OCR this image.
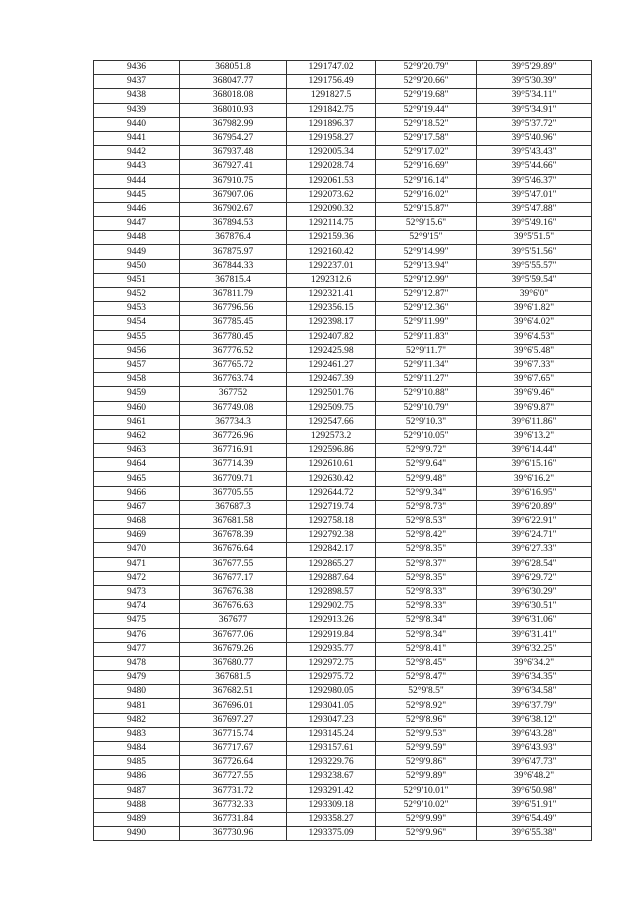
9436	368051.8	1291747.02	52°9'20.79"	39°5'29.89"
9437	368047.77	1291756.49	52°9'20.66"	39°5'30.39"
9438	368018.08	1291827.5	52°9'19.68"	39°5'34.11"
9439	368010.93	1291842.75	52°9'19.44"	39°5'34.91"
9440	367982.99	1291896.37	52°9'18.52"	39°5'37.72"
9441	367954.27	1291958.27	52°9'17.58"	39°5'40.96"
9442	367937.48	1292005.34	52°9'17.02"	39°5'43.43"
9443	367927.41	1292028.74	52°9'16.69"	39°5'44.66"
9444	367910.75	1292061.53	52°9'16.14"	39°5'46.37"
9445	367907.06	1292073.62	52°9'16.02"	39°5'47.01"
9446	367902.67	1292090.32	52°9'15.87"	39°5'47.88"
9447	367894.53	1292114.75	52°9'15.6"	39°5'49.16"
9448	367876.4	1292159.36	52°9'15"	39°5'51.5"
9449	367875.97	1292160.42	52°9'14.99"	39°5'51.56"
9450	367844.33	1292237.01	52°9'13.94"	39°5'55.57"
9451	367815.4	1292312.6	52°9'12.99"	39°5'59.54"
9452	367811.79	1292321.41	52°9'12.87"	39°6'0"
9453	367796.56	1292356.15	52°9'12.36"	39°6'1.82"
9454	367785.45	1292398.17	52°9'11.99"	39°6'4.02"
9455	367780.45	1292407.82	52°9'11.83"	39°6'4.53"
9456	367776.52	1292425.98	52°9'11.7"	39°6'5.48"
9457	367765.72	1292461.27	52°9'11.34"	39°6'7.33"
9458	367763.74	1292467.39	52°9'11.27"	39°6'7.65"
9459	367752	1292501.76	52°9'10.88"	39°6'9.46"
9460	367749.08	1292509.75	52°9'10.79"	39°6'9.87"
9461	367734.3	1292547.66	52°9'10.3"	39°6'11.86"
9462	367726.96	1292573.2	52°9'10.05"	39°6'13.2"
9463	367716.91	1292596.86	52°9'9.72"	39°6'14.44"
9464	367714.39	1292610.61	52°9'9.64"	39°6'15.16"
9465	367709.71	1292630.42	52°9'9.48"	39°6'16.2"
9466	367705.55	1292644.72	52°9'9.34"	39°6'16.95"
9467	367687.3	1292719.74	52°9'8.73"	39°6'20.89"
9468	367681.58	1292758.18	52°9'8.53"	39°6'22.91"
9469	367678.39	1292792.38	52°9'8.42"	39°6'24.71"
9470	367676.64	1292842.17	52°9'8.35"	39°6'27.33"
9471	367677.55	1292865.27	52°9'8.37"	39°6'28.54"
9472	367677.17	1292887.64	52°9'8.35"	39°6'29.72"
9473	367676.38	1292898.57	52°9'8.33"	39°6'30.29"
9474	367676.63	1292902.75	52°9'8.33"	39°6'30.51"
9475	367677	1292913.26	52°9'8.34"	39°6'31.06"
9476	367677.06	1292919.84	52°9'8.34"	39°6'31.41"
9477	367679.26	1292935.77	52°9'8.41"	39°6'32.25"
9478	367680.77	1292972.75	52°9'8.45"	39°6'34.2"
9479	367681.5	1292975.72	52°9'8.47"	39°6'34.35"
9480	367682.51	1292980.05	52°9'8.5"	39°6'34.58"
9481	367696.01	1293041.05	52°9'8.92"	39°6'37.79"
9482	367697.27	1293047.23	52°9'8.96"	39°6'38.12"
9483	367715.74	1293145.24	52°9'9.53"	39°6'43.28"
9484	367717.67	1293157.61	52°9'9.59"	39°6'43.93"
9485	367726.64	1293229.76	52°9'9.86"	39°6'47.73"
9486	367727.55	1293238.67	52°9'9.89"	39°6'48.2"
9487	367731.72	1293291.42	52°9'10.01"	39°6'50.98"
9488	367732.33	1293309.18	52°9'10.02"	39°6'51.91"
9489	367731.84	1293358.27	52°9'9.99"	39°6'54.49"
9490	367730.96	1293375.09	52°9'9.96"	39°6'55.38"
